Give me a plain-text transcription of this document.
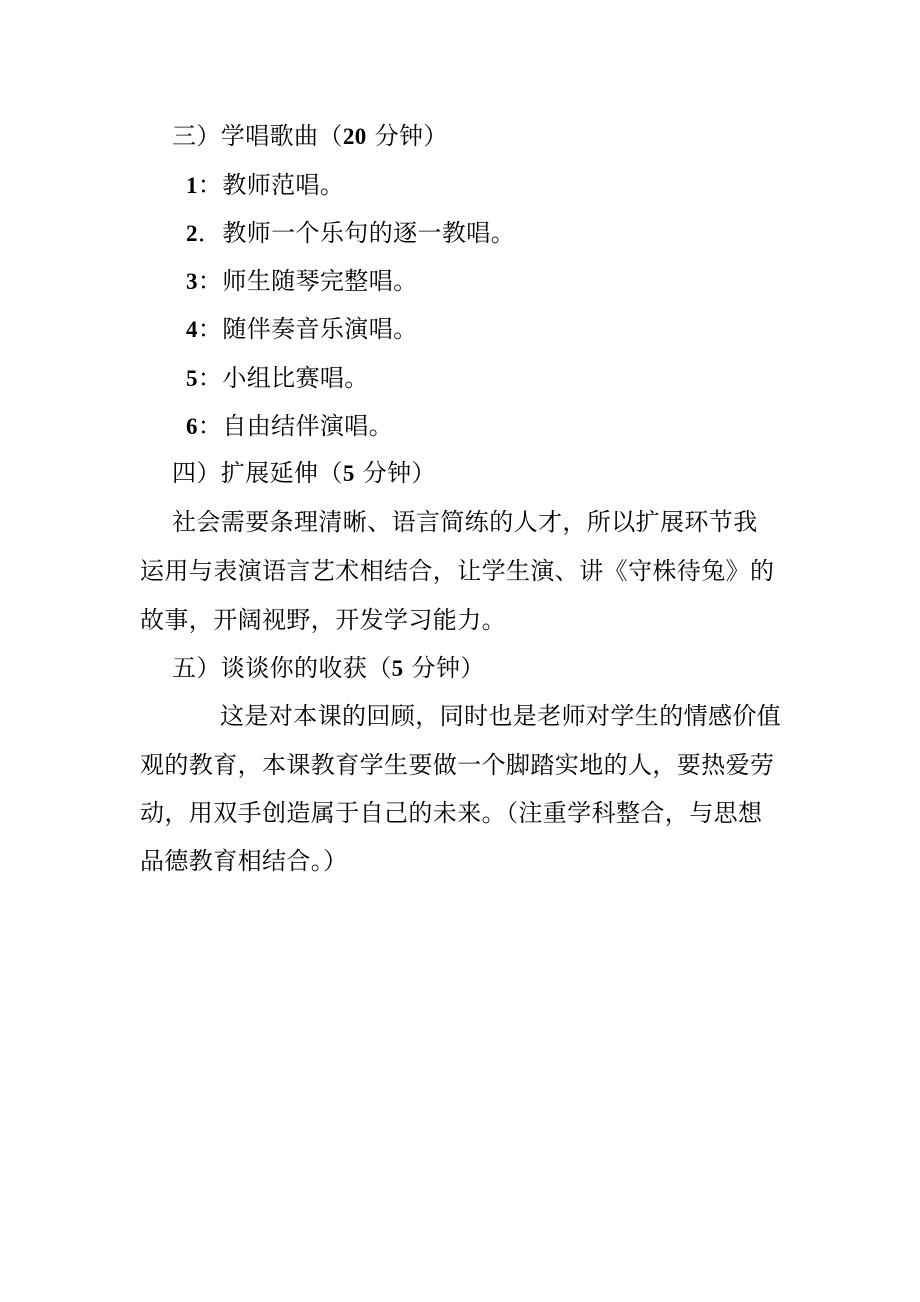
三）学唱歌曲（20 分钟）
1：教师范唱。
2．教师一个乐句的逐一教唱。
3：师生随琴完整唱。
4：随伴奏音乐演唱。
5：小组比赛唱。
6：自由结伴演唱。
四）扩展延伸（5 分钟）
社会需要条理清晰、语言简练的人才，所以扩展环节我
运用与表演语言艺术相结合，让学生演、讲《守株待兔》的
故事，开阔视野，开发学习能力。
五）谈谈你的收获（5 分钟）
这是对本课的回顾，同时也是老师对学生的情感价值
观的教育，本课教育学生要做一个脚踏实地的人，要热爱劳
动，用双手创造属于自己的未来。（注重学科整合，与思想
品德教育相结合。）
